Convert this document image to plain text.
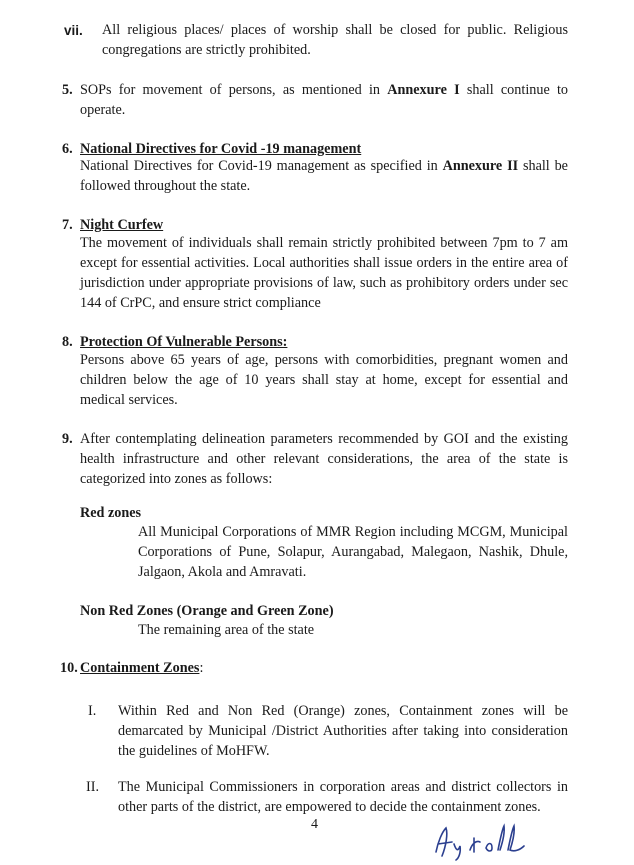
vii. All religious places/ places of worship shall be closed for public. Religious congregations are strictly prohibited.
5. SOPs for movement of persons, as mentioned in Annexure I shall continue to operate.
6. National Directives for Covid -19 management
National Directives for Covid-19 management as specified in Annexure II shall be followed throughout the state.
7. Night Curfew
The movement of individuals shall remain strictly prohibited between 7pm to 7 am except for essential activities. Local authorities shall issue orders in the entire area of jurisdiction under appropriate provisions of law, such as prohibitory orders under sec 144 of CrPC, and ensure strict compliance
8. Protection Of Vulnerable Persons:
Persons above 65 years of age, persons with comorbidities, pregnant women and children below the age of 10 years shall stay at home, except for essential and medical services.
9. After contemplating delineation parameters recommended by GOI and the existing health infrastructure and other relevant considerations, the area of the state is categorized into zones as follows:
Red zones
All Municipal Corporations of MMR Region including MCGM, Municipal Corporations of Pune, Solapur, Aurangabad, Malegaon, Nashik, Dhule, Jalgaon, Akola and Amravati.
Non Red Zones (Orange and Green Zone)
The remaining area of the state
10. Containment Zones:
I. Within Red and Non Red (Orange) zones, Containment zones will be demarcated by Municipal /District Authorities after taking into consideration the guidelines of MoHFW.
II. The Municipal Commissioners in corporation areas and district collectors in other parts of the district, are empowered to decide the containment zones.
4
